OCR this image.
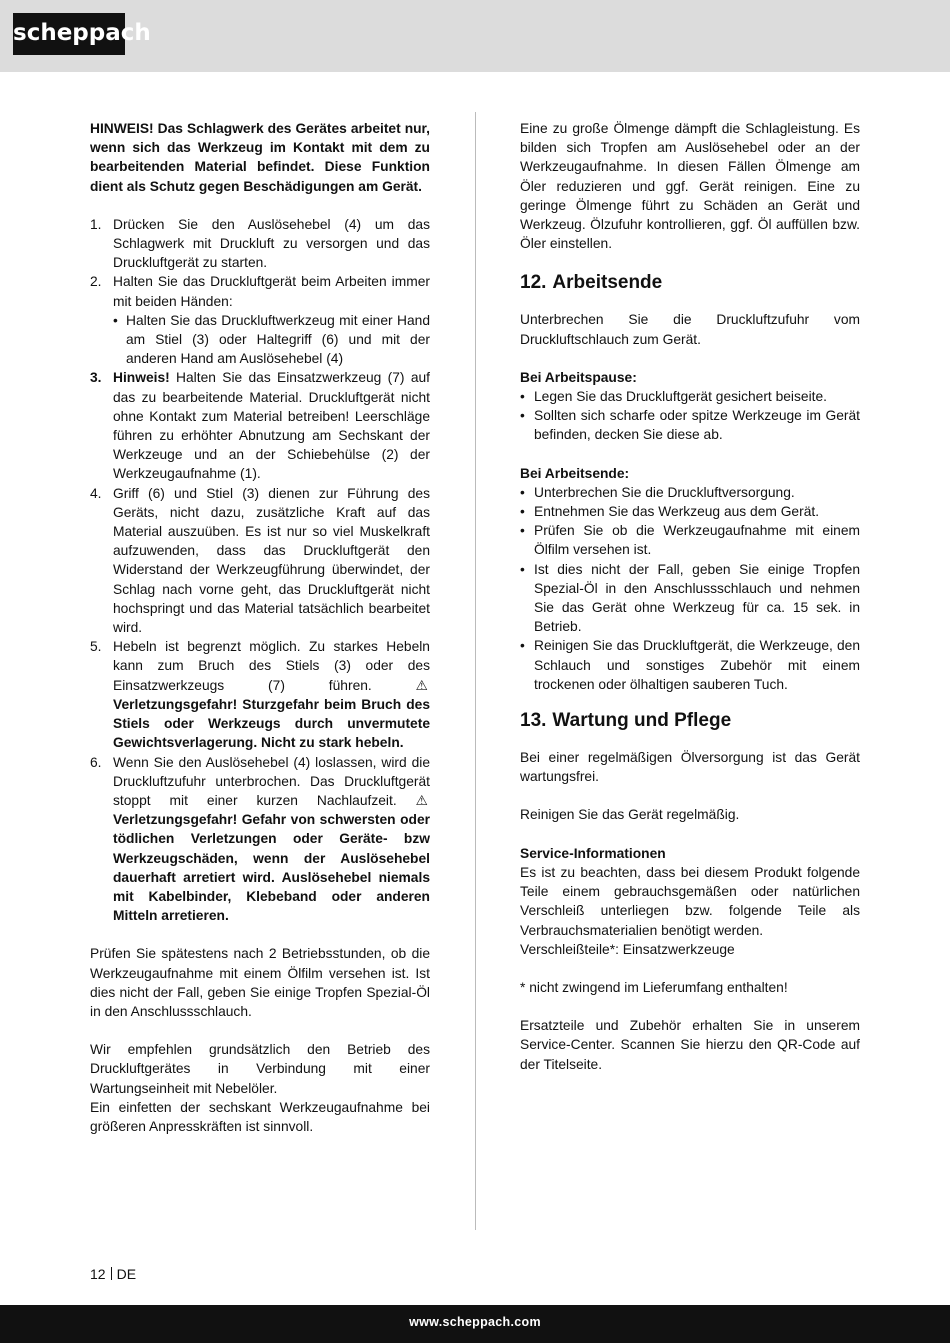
scheppach

HINWEIS! Das Schlagwerk des Gerätes arbeitet nur, wenn sich das Werkzeug im Kontakt mit dem zu bearbeitenden Material befindet. Diese Funktion dient als Schutz gegen Beschädigungen am Gerät.

1. Drücken Sie den Auslösehebel (4) um das Schlagwerk mit Druckluft zu versorgen und das Druckluftgerät zu starten.
2. Halten Sie das Druckluftgerät beim Arbeiten immer mit beiden Händen:
• Halten Sie das Druckluftwerkzeug mit einer Hand am Stiel (3) oder Haltegriff (6) und mit der anderen Hand am Auslösehebel (4)
3. Hinweis! Halten Sie das Einsatzwerkzeug (7) auf das zu bearbeitende Material. Druckluftgerät nicht ohne Kontakt zum Material betreiben! Leerschläge führen zu erhöhter Abnutzung am Sechskant der Werkzeuge und an der Schiebehülse (2) der Werkzeugaufnahme (1).
4. Griff (6) und Stiel (3) dienen zur Führung des Geräts, nicht dazu, zusätzliche Kraft auf das Material auszuüben. Es ist nur so viel Muskelkraft aufzuwenden, dass das Druckluftgerät den Widerstand der Werkzeugführung überwindet, der Schlag nach vorne geht, das Druckluftgerät nicht hochspringt und das Material tatsächlich bearbeitet wird.
5. Hebeln ist begrenzt möglich. Zu starkes Hebeln kann zum Bruch des Stiels (3) oder des Einsatzwerkzeugs (7) führen. ⚠ Verletzungsgefahr! Sturzgefahr beim Bruch des Stiels oder Werkzeugs durch unvermutete Gewichtsverlagerung. Nicht zu stark hebeln.
6. Wenn Sie den Auslösehebel (4) loslassen, wird die Druckluftzufuhr unterbrochen. Das Druckluftgerät stoppt mit einer kurzen Nachlaufzeit. ⚠ Verletzungsgefahr! Gefahr von schwersten oder tödlichen Verletzungen oder Geräte- bzw Werkzeugschäden, wenn der Auslösehebel dauerhaft arretiert wird. Auslösehebel niemals mit Kabelbinder, Klebeband oder anderen Mitteln arretieren.

Prüfen Sie spätestens nach 2 Betriebsstunden, ob die Werkzeugaufnahme mit einem Ölfilm versehen ist. Ist dies nicht der Fall, geben Sie einige Tropfen Spezial-Öl in den Anschlussschlauch.

Wir empfehlen grundsätzlich den Betrieb des Druckluftgerätes in Verbindung mit einer Wartungseinheit mit Nebelöler.

Ein einfetten der sechskant Werkzeugaufnahme bei größeren Anpresskräften ist sinnvoll.

Eine zu große Ölmenge dämpft die Schlagleistung. Es bilden sich Tropfen am Auslösehebel oder an der Werkzeugaufnahme. In diesen Fällen Ölmenge am Öler reduzieren und ggf. Gerät reinigen. Eine zu geringe Ölmenge führt zu Schäden an Gerät und Werkzeug. Ölzufuhr kontrollieren, ggf. Öl auffüllen bzw. Öler einstellen.

12. Arbeitsende

Unterbrechen Sie die Druckluftzufuhr vom Druckluftschlauch zum Gerät.

Bei Arbeitspause:

• Legen Sie das Druckluftgerät gesichert beiseite.
• Sollten sich scharfe oder spitze Werkzeuge im Gerät befinden, decken Sie diese ab.

Bei Arbeitsende:

• Unterbrechen Sie die Druckluftversorgung.
• Entnehmen Sie das Werkzeug aus dem Gerät.
• Prüfen Sie ob die Werkzeugaufnahme mit einem Ölfilm versehen ist.
• Ist dies nicht der Fall, geben Sie einige Tropfen Spezial-Öl in den Anschlussschlauch und nehmen Sie das Gerät ohne Werkzeug für ca. 15 sek. in Betrieb.
• Reinigen Sie das Druckluftgerät, die Werkzeuge, den Schlauch und sonstiges Zubehör mit einem trockenen oder ölhaltigen sauberen Tuch.
13. Wartung und Pflege

Bei einer regelmäßigen Ölversorgung ist das Gerät wartungsfrei.

Reinigen Sie das Gerät regelmäßig.

Service-Informationen

Es ist zu beachten, dass bei diesem Produkt folgende Teile einem gebrauchsgemäßen oder natürlichen Verschleiß unterliegen bzw. folgende Teile als Verbrauchsmaterialien benötigt werden.

Verschleißteile*: Einsatzwerkzeuge

* nicht zwingend im Lieferumfang enthalten!

Ersatzteile und Zubehör erhalten Sie in unserem Service-Center. Scannen Sie hierzu den QR-Code auf der Titelseite.

12 DE
www.scheppach.com
